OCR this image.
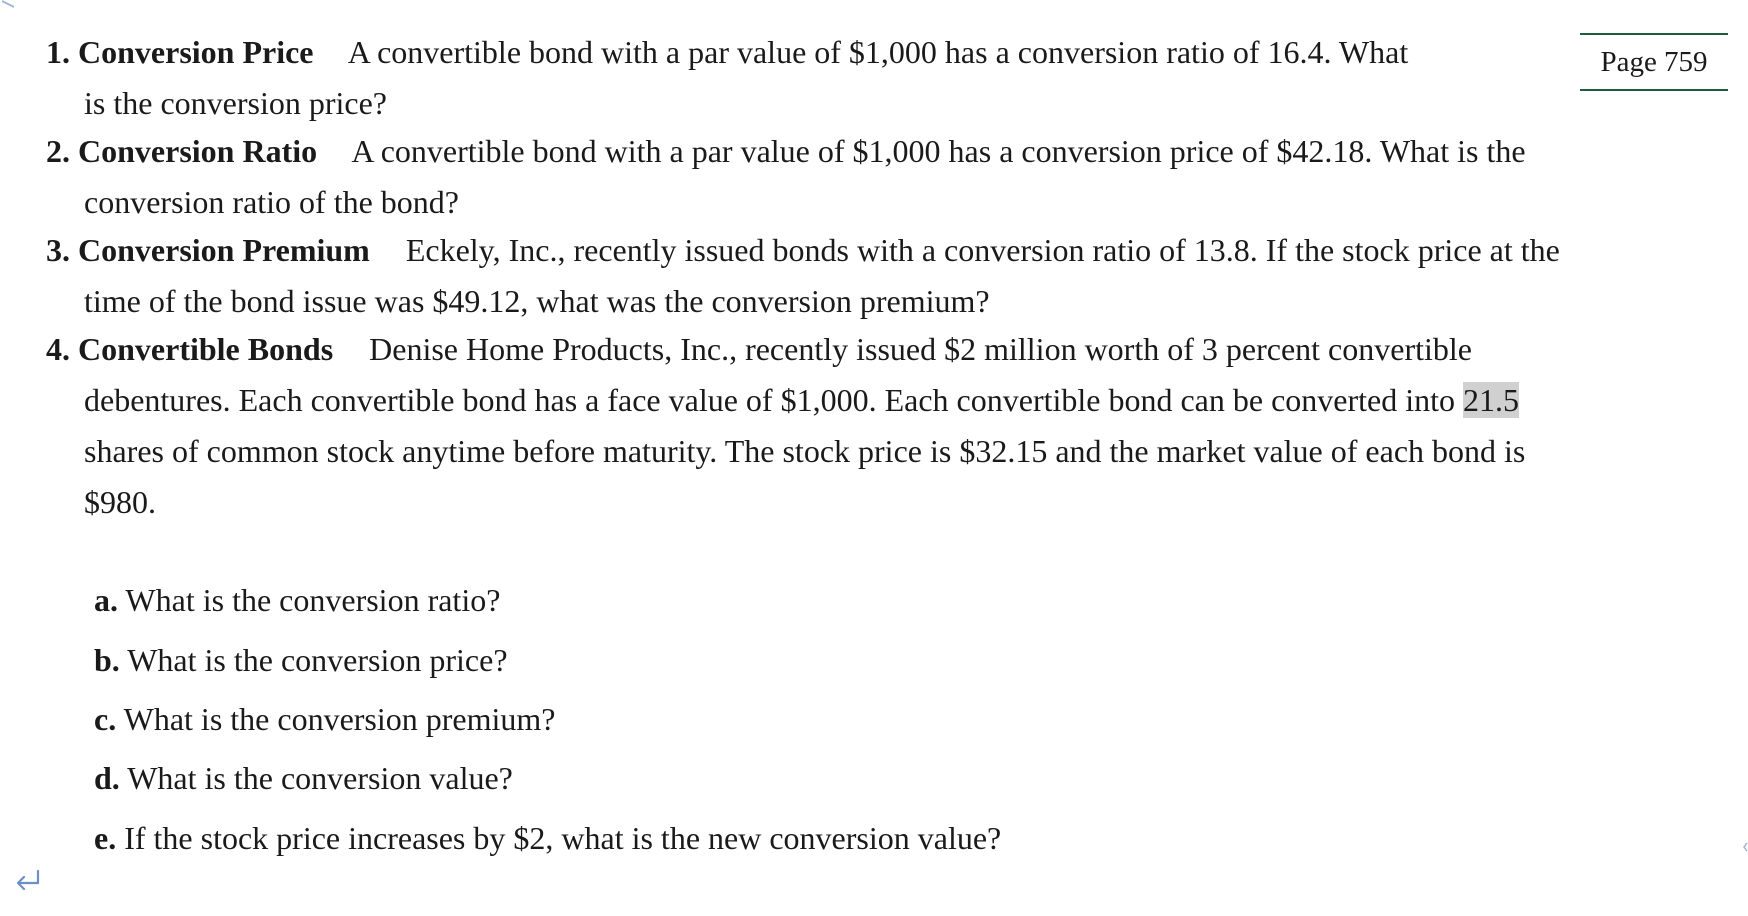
Page 759
1. Conversion Price A convertible bond with a par value of $1,000 has a conversion ratio of 16.4. What
is the conversion price?
2. Conversion Ratio A convertible bond with a par value of $1,000 has a conversion price of $42.18. What is the
conversion ratio of the bond?
3. Conversion Premium Eckely, Inc., recently issued bonds with a conversion ratio of 13.8. If the stock price at the
time of the bond issue was $49.12, what was the conversion premium?
4. Convertible Bonds Denise Home Products, Inc., recently issued $2 million worth of 3 percent convertible
debentures. Each convertible bond has a face value of $1,000. Each convertible bond can be converted into 21.5
shares of common stock anytime before maturity. The stock price is $32.15 and the market value of each bond is
$980.
a. What is the conversion ratio?
b. What is the conversion price?
c. What is the conversion premium?
d. What is the conversion value?
e. If the stock price increases by $2, what is the new conversion value?
